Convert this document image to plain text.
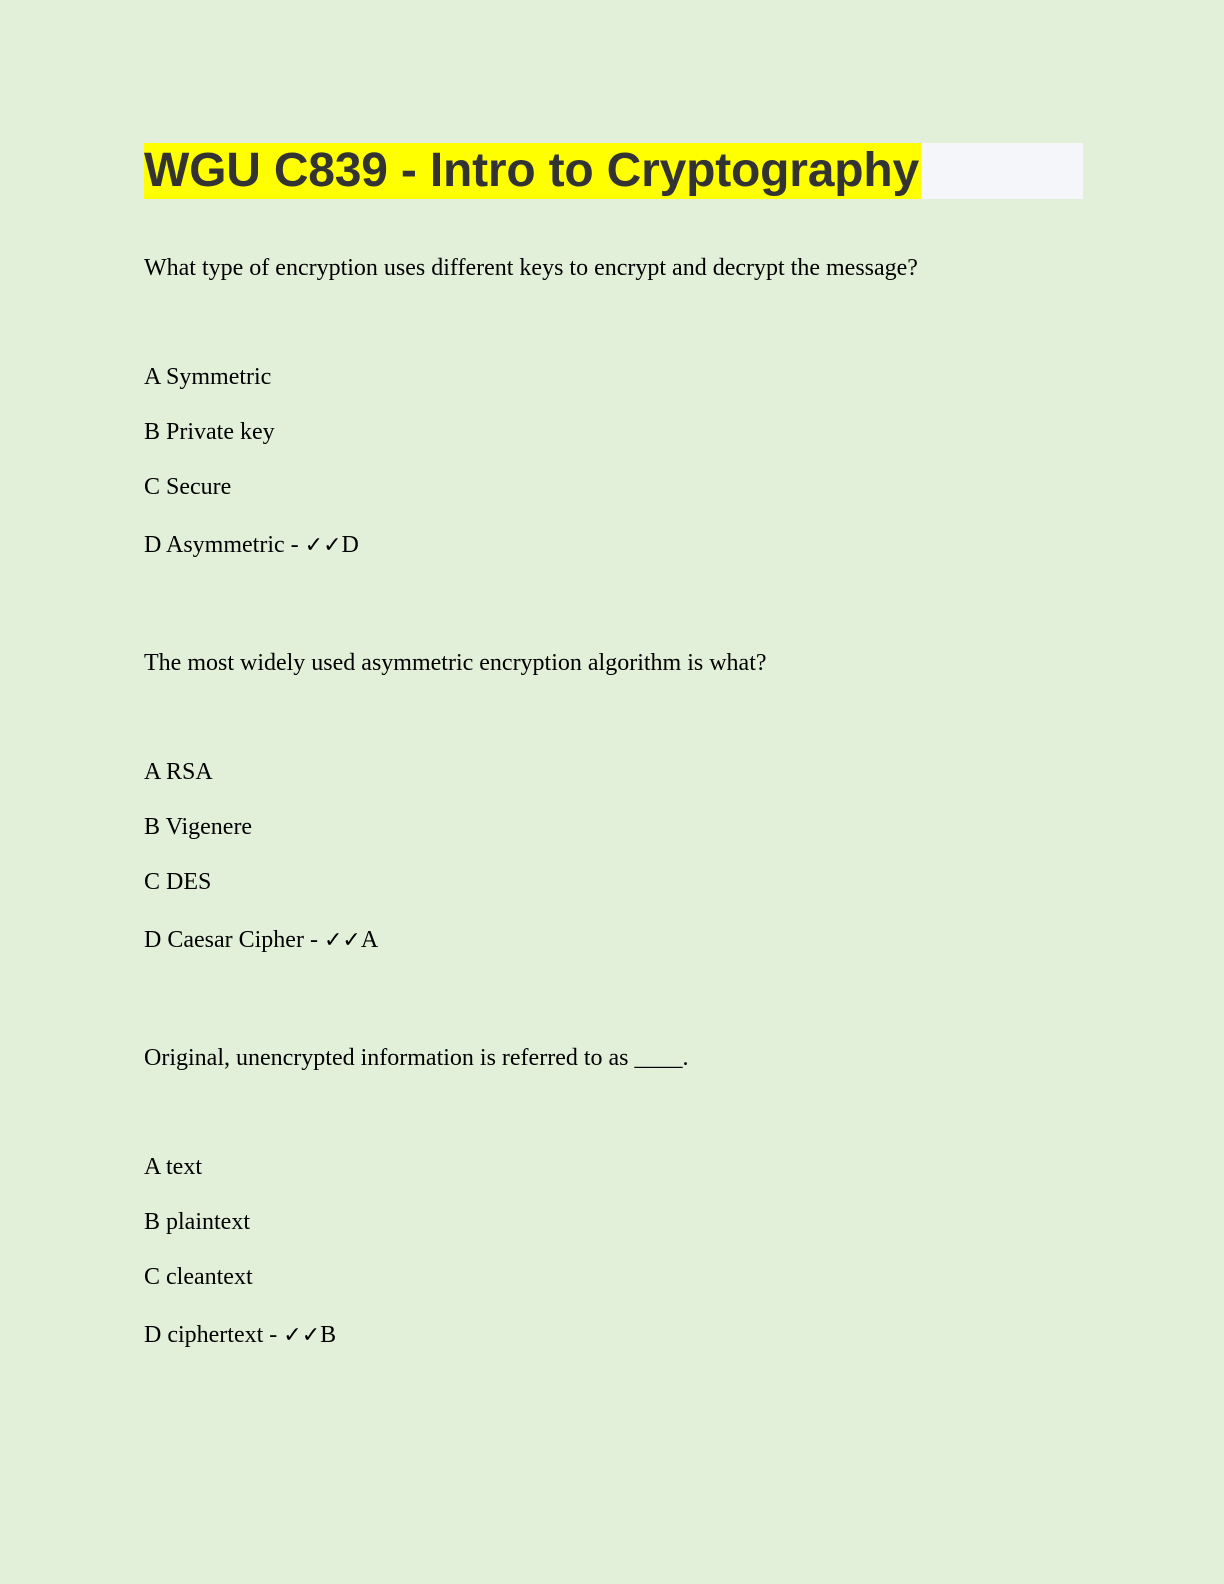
WGU C839 - Intro to Cryptography
What type of encryption uses different keys to encrypt and decrypt the message?
A Symmetric
B Private key
C Secure
D Asymmetric - ✓✓D
The most widely used asymmetric encryption algorithm is what?
A RSA
B Vigenere
C DES
D Caesar Cipher - ✓✓A
Original, unencrypted information is referred to as ____.
A text
B plaintext
C cleantext
D ciphertext - ✓✓B
